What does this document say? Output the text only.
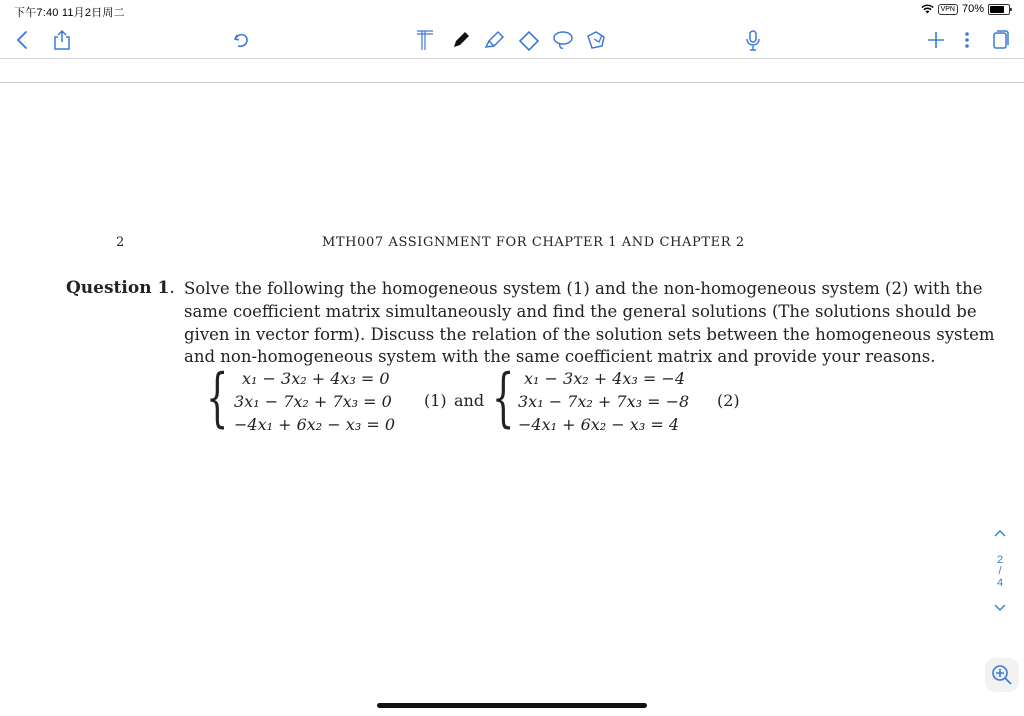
下午7:40 11月2日周二	VPN 70%
2	MTH007 ASSIGNMENT FOR CHAPTER 1 AND CHAPTER 2
Question 1. Solve the following the homogeneous system (1) and the non-homogeneous system (2) with the
same coefficient matrix simultaneously and find the general solutions (The solutions should be
given in vector form). Discuss the relation of the solution sets between the homogeneous system
and non-homogeneous system with the same coefficient matrix and provide your reasons.
{ x₁ − 3x₂ + 4x₃ = 0
3x₁ − 7x₂ + 7x₃ = 0
−4x₁ + 6x₂ − x₃ = 0
(1) and { x₁ − 3x₂ + 4x₃ = −4
3x₁ − 7x₂ + 7x₃ = −8
−4x₁ + 6x₂ − x₃ = 4
(2)
2
/
4
